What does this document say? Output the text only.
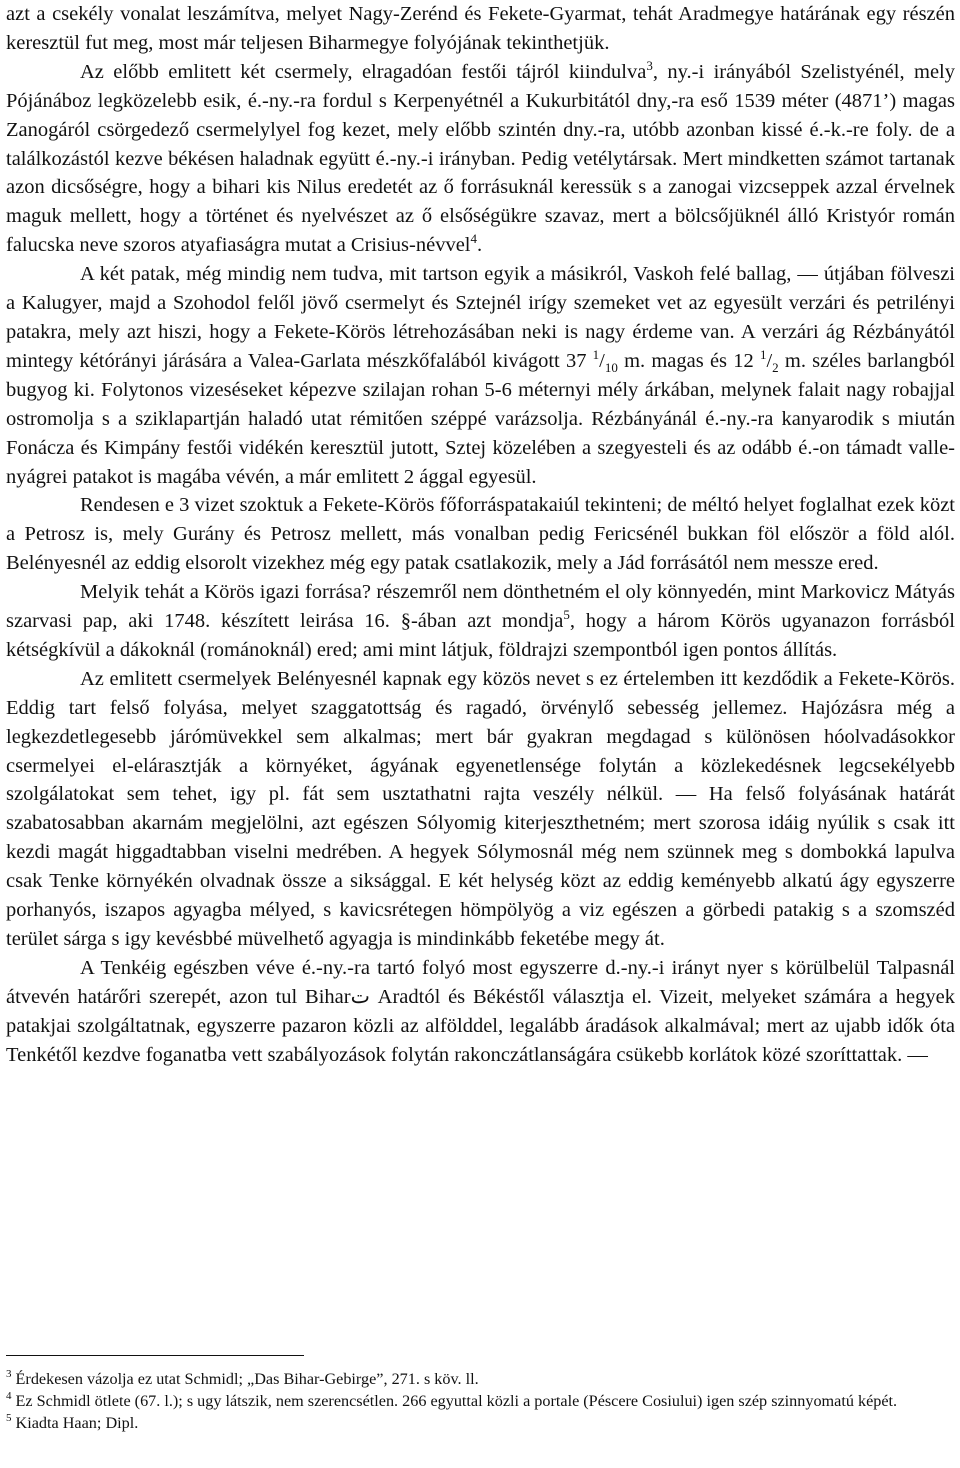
azt a csekély vonalat leszámítva, melyet Nagy-Zerénd és Fekete-Gyarmat, tehát Aradmegye határának egy részén keresztül fut meg, most már teljesen Biharmegye folyójának tekinthetjük.

Az előbb emlitett két csermely, elragadóan festői tájról kiindulva$^3$, ny.-i irányából Szelistyénél, mely Pójánáboz legközelebb esik, é.-ny.-ra fordul s Kerpenyétnél a Kukurbitától dny,-ra eső 1539 méter (4871’) magas Zanogáról csörgedező csermelylyel fog kezet, mely előbb szintén dny.-ra, utóbb azonban kissé é.-k.-re foly. de a találkozástól kezve békésen haladnak együtt é.-ny.-i irányban. Pedig vetélytársak. Mert mindketten számot tartanak azon dicsőségre, hogy a bihari kis Nilus eredetét az ő forrásuknál keressük s a zanogai vizcseppek azzal érvelnek maguk mellett, hogy a történet és nyelvészet az ő elsőségükre szavaz, mert a bölcsőjüknél álló Kristyór román falucska neve szoros atyafiaságra mutat a Crisius-névvel$^4$.

A két patak, még mindig nem tudva, mit tartson egyik a másikról, Vaskoh felé ballag, — útjában fölveszi a Kalugyer, majd a Szohodol felől jövő csermelyt és Sztejnél irígy szemeket vet az egyesült verzári és petrilényi patakra, mely azt hiszi, hogy a Fekete-Körös létrehozásában neki is nagy érdeme van. A verzári ág Rézbányától mintegy kétórányi járására a Valea-Garlata mészkőfalából kivágott 37 $^1/_{10}$ m. magas és 12 $^1/_2$ m. széles barlangból bugyog ki. Folytonos vizeséseket képezve szilajan rohan 5-6 méternyi mély árkában, melynek falait nagy robajjal ostromolja s a sziklapartján haladó utat rémitően széppé varázsolja. Rézbányánál é.-ny.-ra kanyarodik s miután Fonácza és Kimpány festői vidékén keresztül jutott, Sztej közelében a szegyesteli és az odább é.-on támadt valle-nyágrei patakot is magába vévén, a már emlitett 2 ággal egyesül.

Rendesen e 3 vizet szoktuk a Fekete-Körös főforráspatakaiúl tekinteni; de méltó helyet foglalhat ezek közt a Petrosz is, mely Gurány és Petrosz mellett, más vonalban pedig Fericsénél bukkan föl először a föld alól. Belényesnél az eddig elsorolt vizekhez még egy patak csatlakozik, mely a Jád forrásától nem messze ered.

Melyik tehát a Körös igazi forrása? részemről nem dönthetném el oly könnyedén, mint Markovicz Mátyás szarvasi pap, aki 1748. készített leirása 16. §-ában azt mondja$^5$, hogy a három Körös ugyanazon forrásból kétségkívül a dákoknál (románoknál) ered; ami mint látjuk, földrajzi szempontból igen pontos állítás.

Az emlitett csermelyek Belényesnél kapnak egy közös nevet s ez értelemben itt kezdődik a Fekete-Körös. Eddig tart felső folyása, melyet szaggatottság és ragadó, örvénylő sebesség jellemez. Hajózásra még a legkezdetlegesebb járómüvekkel sem alkalmas; mert bár gyakran megdagad s különösen hóolvadásokkor csermelyei el-elárasztják a környéket, ágyának egyenetlensége folytán a közlekedésnek legcsekélyebb szolgálatokat sem tehet, igy pl. fát sem usztathatni rajta veszély nélkül. — Ha felső folyásának határát szabatosabban akarnám megjelölni, azt egészen Sólyomig kiterjeszthetném; mert szorosa idáig nyúlik s csak itt kezdi magát higgadtabban viselni medrében. A hegyek Sólymosnál még nem szünnek meg s dombokká lapulva csak Tenke környékén olvadnak össze a siksággal. E két helység közt az eddig keményebb alkatú ágy egyszerre porhanyós, iszapos agyagba mélyed, s kavicsrétegen hömpölyög a viz egészen a görbedi patakig s a szomszéd terület sárga s igy kevésbbé müvelhető agyagja is mindinkább feketébe megy át.

A Tenkéig egészben véve é.-ny.-ra tartó folyó most egyszerre d.-ny.-i irányt nyer s körülbelül Talpasnál átvevén határőri szerepét, azon tul Biharت Aradtól és Békéstől választja el. Vizeit, melyeket számára a hegyek patakjai szolgáltatnak, egyszerre pazaron közli az alfölddel, legalább áradások alkalmával; mert az ujabb idők óta Tenkétől kezdve foganatba vett szabályozások folytán rakonczátlanságára csükebb korlátok közé szoríttattak. —

$^3$ Érdekesen vázolja ez utat Schmidl; „Das Bihar-Gebirge”, 271. s köv. ll.

$^4$ Ez Schmidl ötlete (67. l.); s ugy látszik, nem szerencsétlen. 266 egyuttal közli a portale (Péscere Cosiului) igen szép szinnyomatú képét.

$^5$ Kiadta Haan; Dipl.
